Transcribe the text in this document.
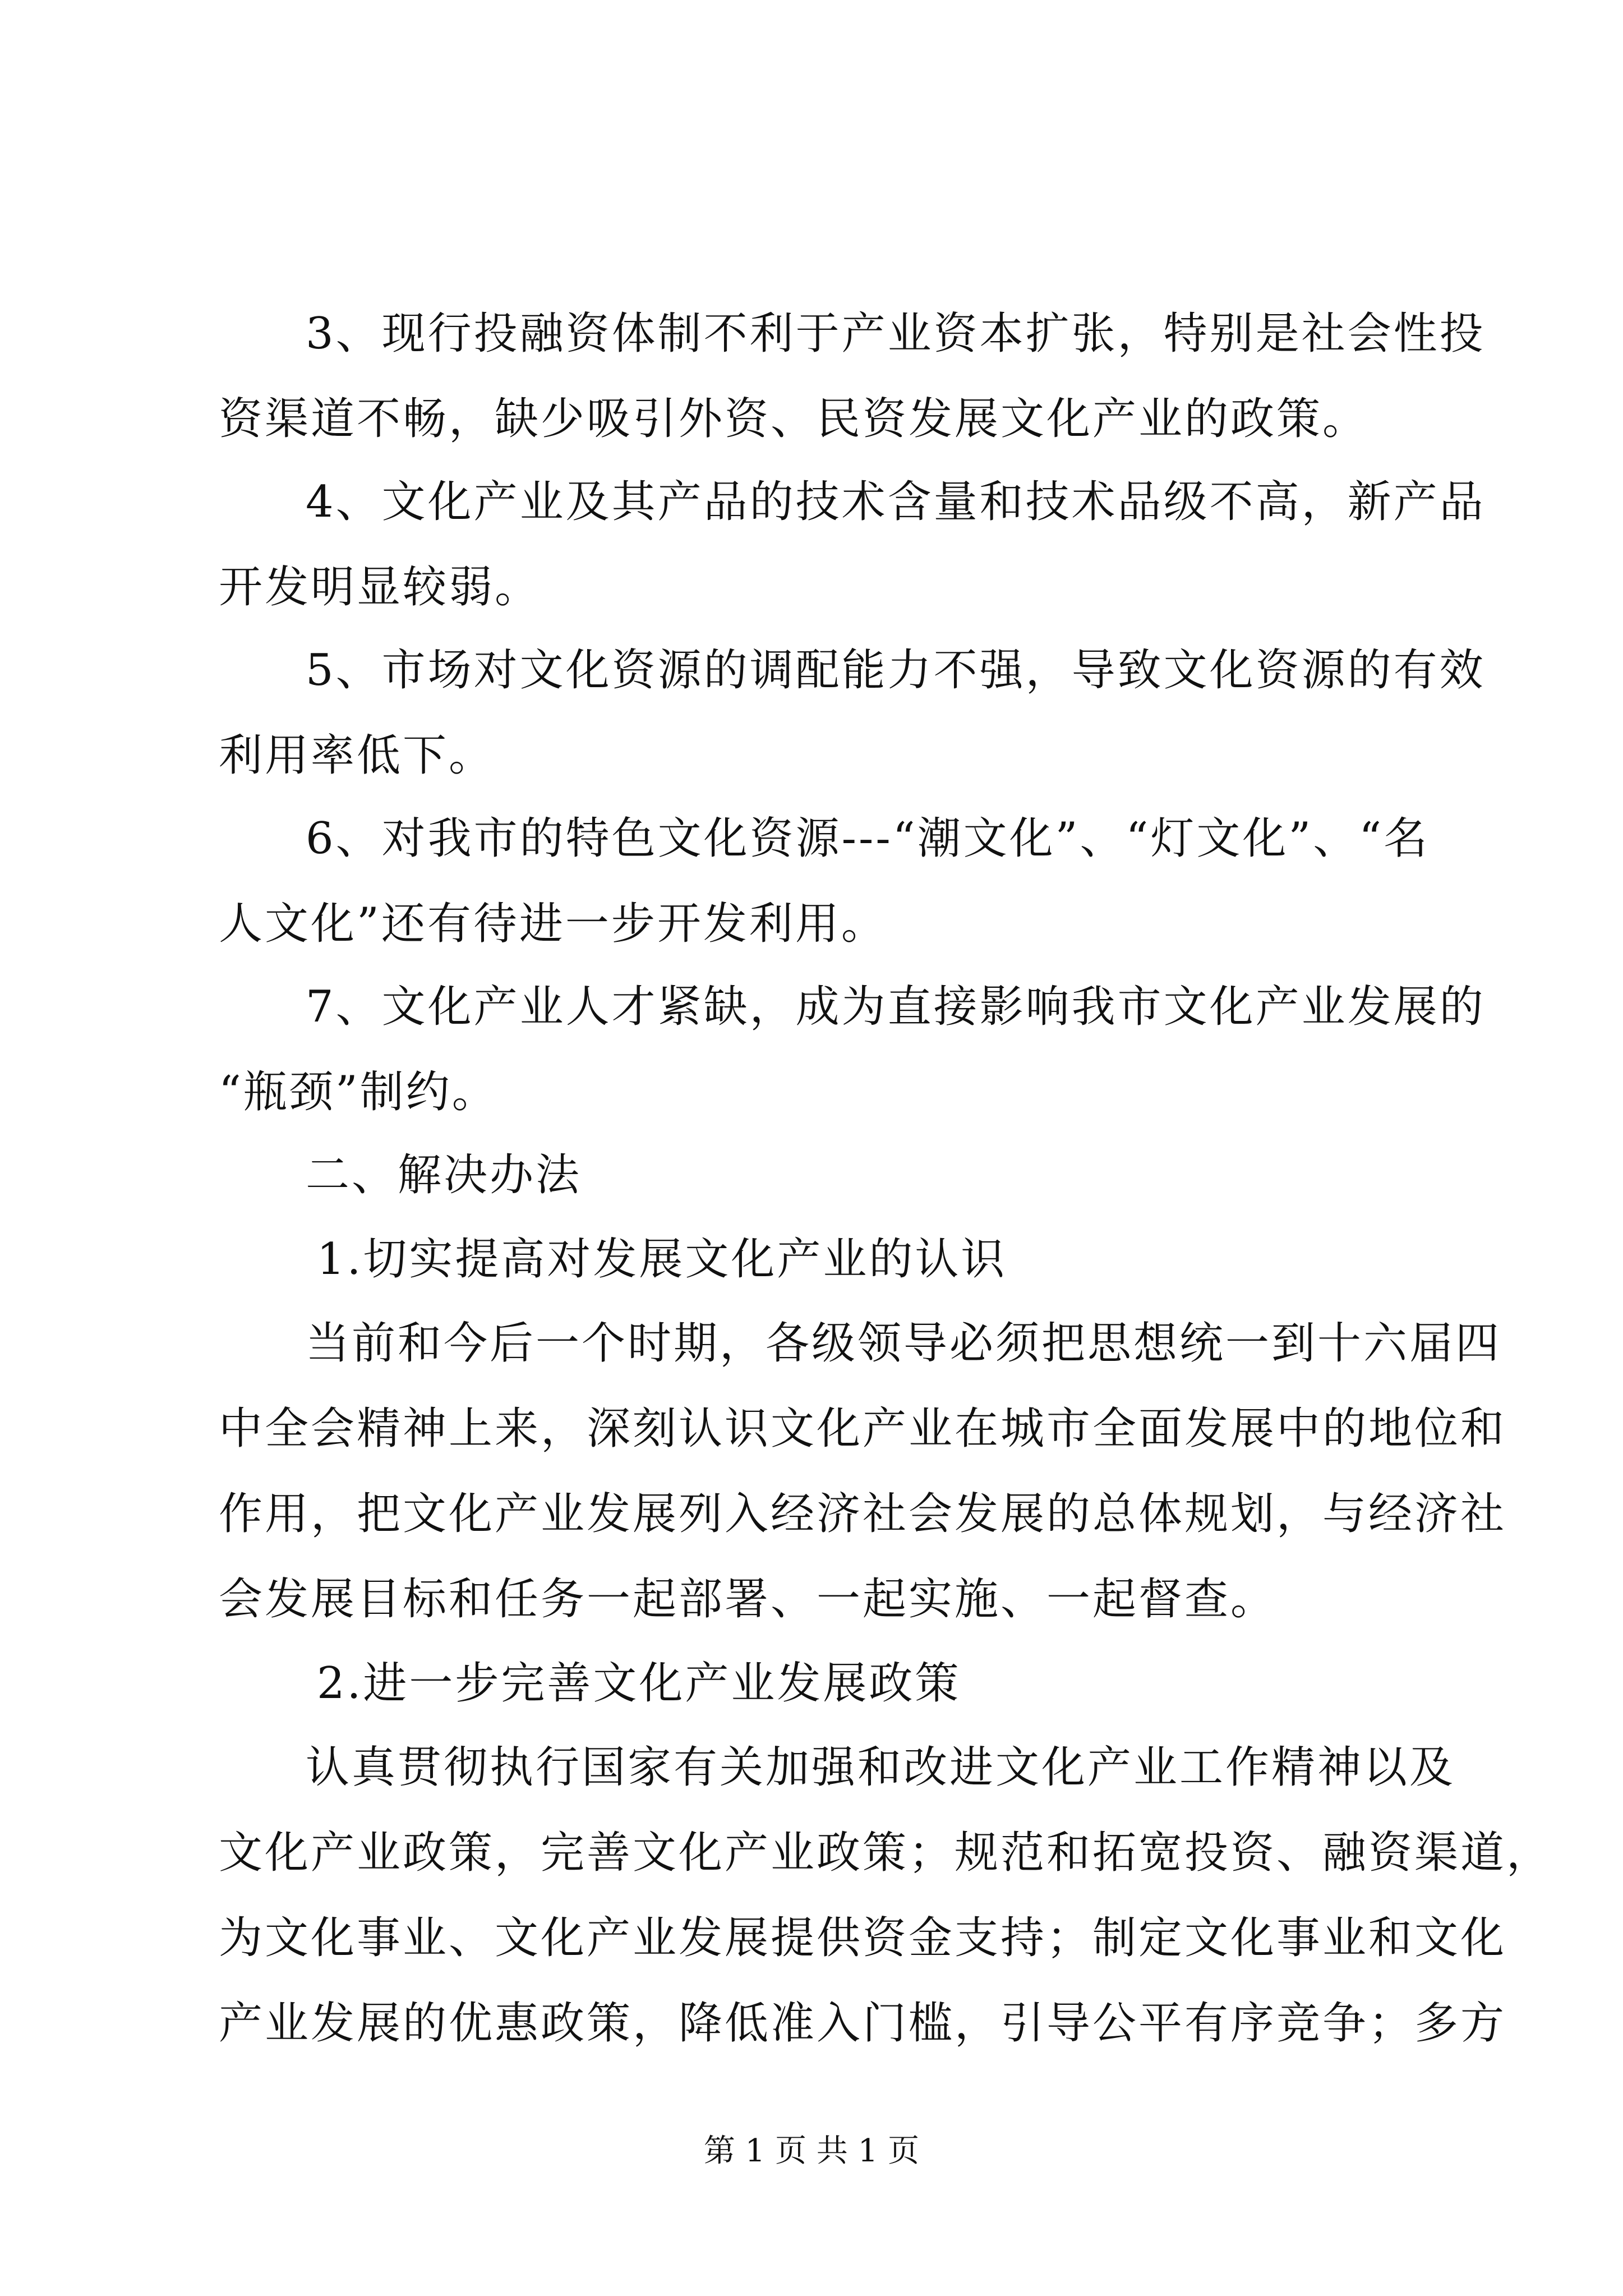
3、现行投融资体制不利于产业资本扩张，特别是社会性投
资渠道不畅，缺少吸引外资、民资发展文化产业的政策。
4、文化产业及其产品的技术含量和技术品级不高，新产品
开发明显较弱。
5、市场对文化资源的调配能力不强，导致文化资源的有效
利用率低下。
6、对我市的特色文化资源---“潮文化”、“灯文化”、“名
人文化”还有待进一步开发利用。
7、文化产业人才紧缺，成为直接影响我市文化产业发展的
“瓶颈”制约。
二、解决办法
1.切实提高对发展文化产业的认识
当前和今后一个时期，各级领导必须把思想统一到十六届四
中全会精神上来，深刻认识文化产业在城市全面发展中的地位和
作用，把文化产业发展列入经济社会发展的总体规划，与经济社
会发展目标和任务一起部署、一起实施、一起督查。
2.进一步完善文化产业发展政策
认真贯彻执行国家有关加强和改进文化产业工作精神以及
文化产业政策，完善文化产业政策；规范和拓宽投资、融资渠道，
为文化事业、文化产业发展提供资金支持；制定文化事业和文化
产业发展的优惠政策，降低准入门槛，引导公平有序竞争；多方
第 1 页 共 1 页
